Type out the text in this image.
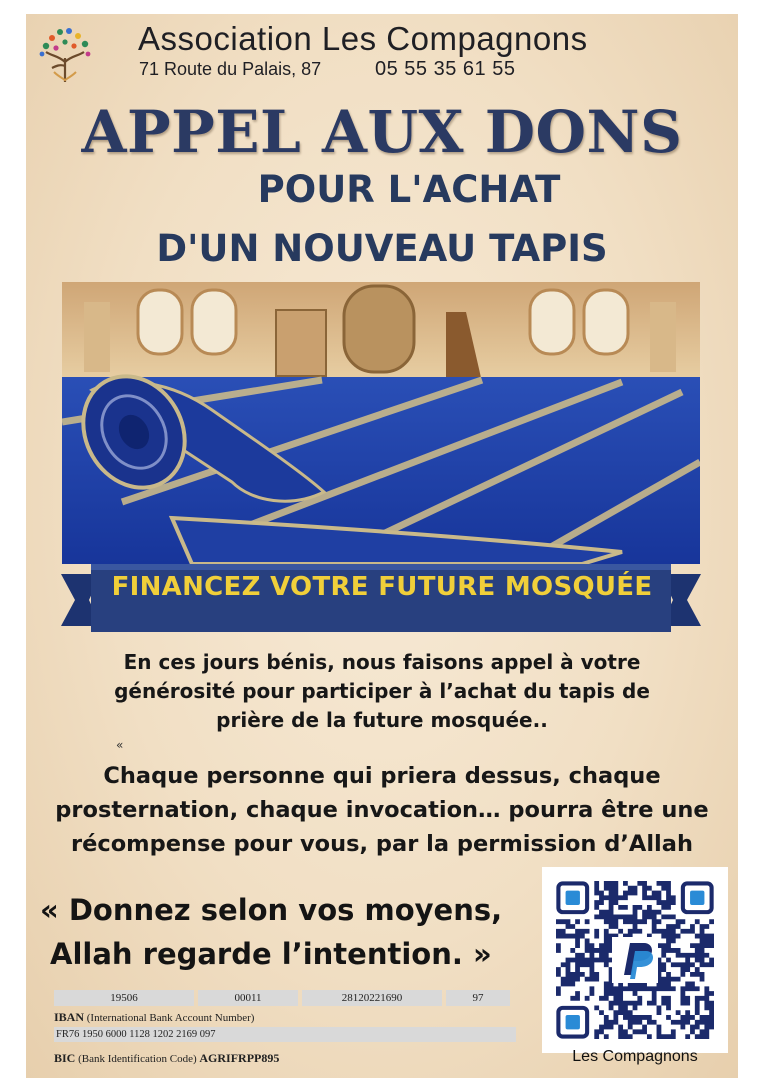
Association Les Compagnons
71 Route du Palais, 87	05 55 35 61 55
APPEL AUX DONS
POUR L'ACHAT
D'UN NOUVEAU TAPIS
FINANCEZ VOTRE FUTURE MOSQUÉE
En ces jours bénis, nous faisons appel à votre
générosité pour participer à l’achat du tapis de
prière de la future mosquée..
«
Chaque personne qui priera dessus, chaque
prosternation, chaque invocation… pourra être une
récompense pour vous, par la permission d’Allah
« Donnez selon vos moyens,
Allah regarde l’intention. »
19506	00011	28120221690	97
IBAN (International Bank Account Number)
FR76 1950 6000 1128 1202 2169 097
BIC (Bank Identification Code) AGRIFRPP895	Les Compagnons
